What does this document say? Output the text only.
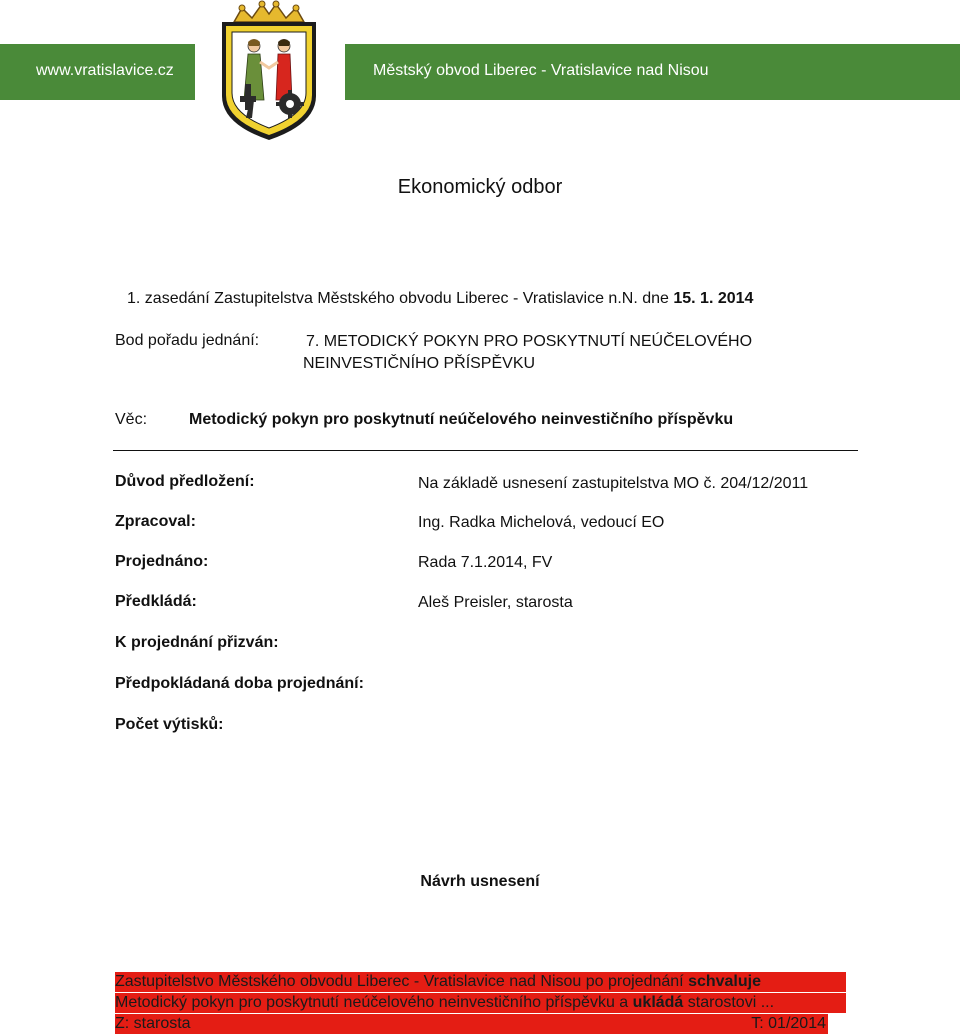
www.vratislavice.cz	Městský obvod Liberec - Vratislavice nad Nisou
Ekonomický odbor
1. zasedání Zastupitelstva Městského obvodu Liberec - Vratislavice n.N. dne 15. 1. 2014
Bod pořadu jednání:	7. METODICKÝ POKYN PRO POSKYTNUTÍ NEÚČELOVÉHO
NEINVESTIČNÍHO PŘÍSPĚVKU
Věc:	Metodický pokyn pro poskytnutí neúčelového neinvestičního příspěvku
Důvod předložení:	Na základě usnesení zastupitelstva MO č. 204/12/2011
Zpracoval:	Ing. Radka Michelová, vedoucí EO
Projednáno:	Rada 7.1.2014, FV
Předkládá:	Aleš Preisler, starosta
K projednání přizván:
Předpokládaná doba projednání:
Počet výtisků:
Návrh usnesení
Zastupitelstvo Městského obvodu Liberec - Vratislavice nad Nisou po projednání schvaluje
Metodický pokyn pro poskytnutí neúčelového neinvestičního příspěvku a ukládá starostovi ...
Z: starosta	T: 01/2014
